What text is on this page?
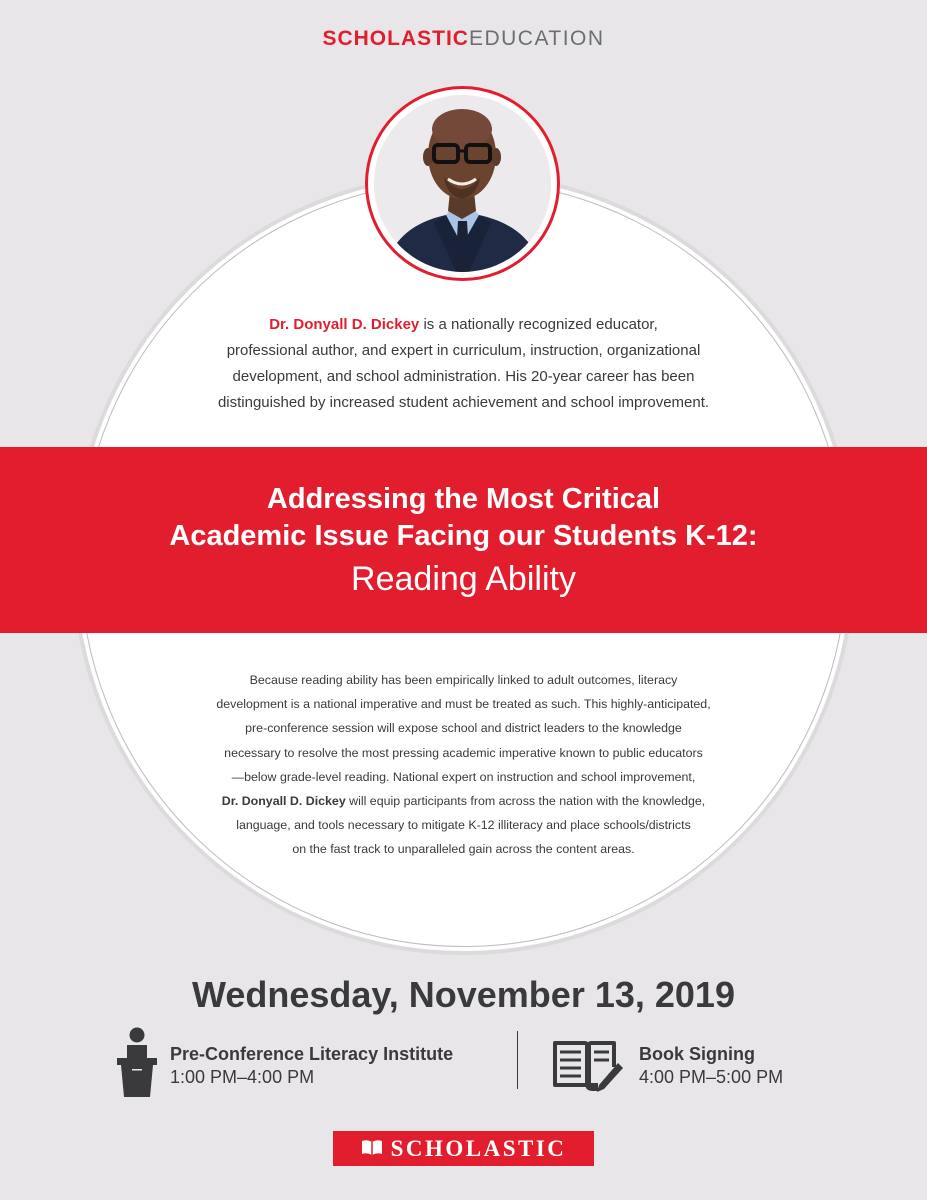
SCHOLASTICEDUCATION
Dr. Donyall D. Dickey is a nationally recognized educator,
professional author, and expert in curriculum, instruction, organizational
development, and school administration. His 20-year career has been
distinguished by increased student achievement and school improvement.
Addressing the Most Critical
Academic Issue Facing our Students K-12:
Reading Ability
Because reading ability has been empirically linked to adult outcomes, literacy
development is a national imperative and must be treated as such. This highly-anticipated,
pre-conference session will expose school and district leaders to the knowledge
necessary to resolve the most pressing academic imperative known to public educators
—below grade-level reading. National expert on instruction and school improvement,
Dr. Donyall D. Dickey will equip participants from across the nation with the knowledge,
language, and tools necessary to mitigate K-12 illiteracy and place schools/districts
on the fast track to unparalleled gain across the content areas.
Wednesday, November 13, 2019
Pre-Conference Literacy Institute
1:00 PM–4:00 PM
Book Signing
4:00 PM–5:00 PM
SCHOLASTIC
